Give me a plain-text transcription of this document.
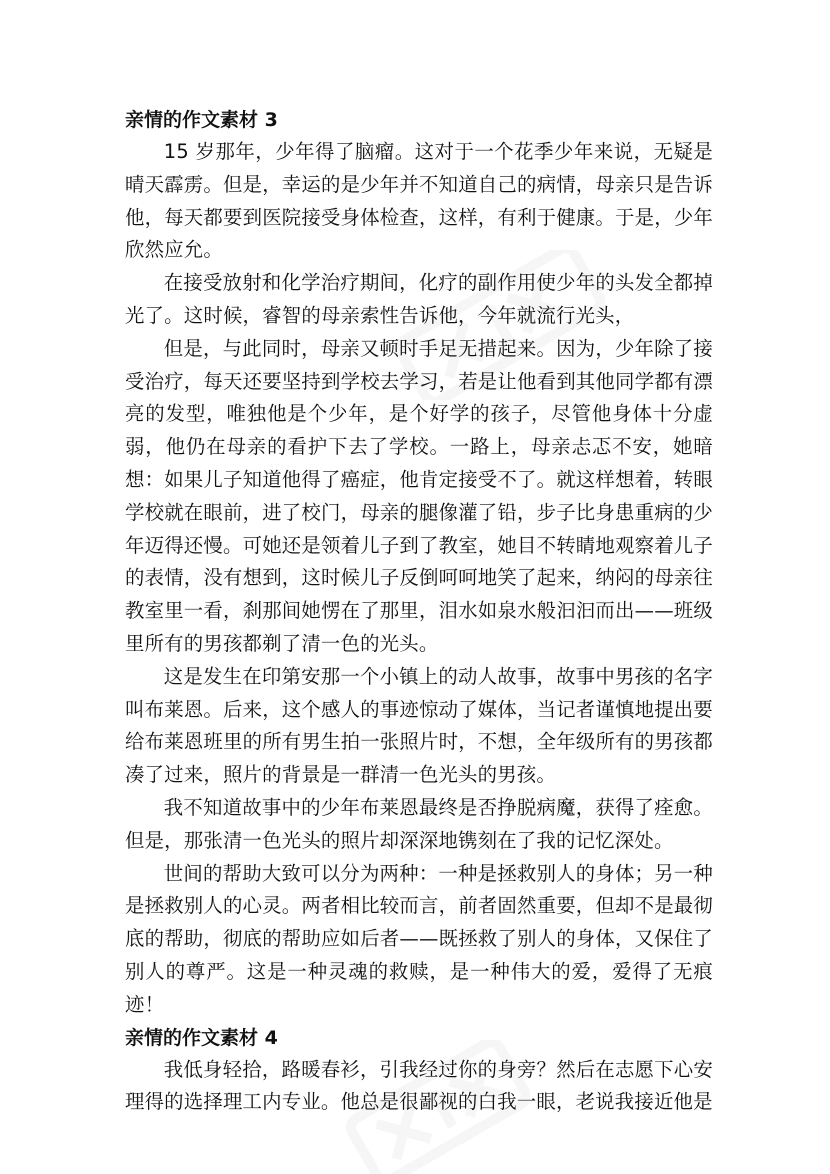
亲情的作文素材 3

15 岁那年，少年得了脑瘤。这对于一个花季少年来说，无疑是晴天霹雳。但是，幸运的是少年并不知道自己的病情，母亲只是告诉他，每天都要到医院接受身体检查，这样，有利于健康。于是，少年欣然应允。

在接受放射和化学治疗期间，化疗的副作用使少年的头发全都掉光了。这时候，睿智的母亲索性告诉他，今年就流行光头，

但是，与此同时，母亲又顿时手足无措起来。因为，少年除了接受治疗，每天还要坚持到学校去学习，若是让他看到其他同学都有漂亮的发型，唯独他是个少年，是个好学的孩子，尽管他身体十分虚弱，他仍在母亲的看护下去了学校。一路上，母亲忐忑不安，她暗想：如果儿子知道他得了癌症，他肯定接受不了。就这样想着，转眼学校就在眼前，进了校门，母亲的腿像灌了铅，步子比身患重病的少年迈得还慢。可她还是领着儿子到了教室，她目不转睛地观察着儿子的表情，没有想到，这时候儿子反倒呵呵地笑了起来，纳闷的母亲往教室里一看，刹那间她愣在了那里，泪水如泉水般汩汩而出——班级里所有的男孩都剃了清一色的光头。

这是发生在印第安那一个小镇上的动人故事，故事中男孩的名字叫布莱恩。后来，这个感人的事迹惊动了媒体，当记者谨慎地提出要给布莱恩班里的所有男生拍一张照片时，不想，全年级所有的男孩都凑了过来，照片的背景是一群清一色光头的男孩。

我不知道故事中的少年布莱恩最终是否挣脱病魔，获得了痊愈。但是，那张清一色光头的照片却深深地镌刻在了我的记忆深处。

世间的帮助大致可以分为两种：一种是拯救别人的身体；另一种是拯救别人的心灵。两者相比较而言，前者固然重要，但却不是最彻底的帮助，彻底的帮助应如后者——既拯救了别人的身体，又保住了别人的尊严。这是一种灵魂的救赎，是一种伟大的爱，爱得了无痕迹！

亲情的作文素材 4

我低身轻拾，路暖春衫，引我经过你的身旁？然后在志愿下心安理得的选择理工内专业。他总是很鄙视的白我一眼，老说我接近他是
